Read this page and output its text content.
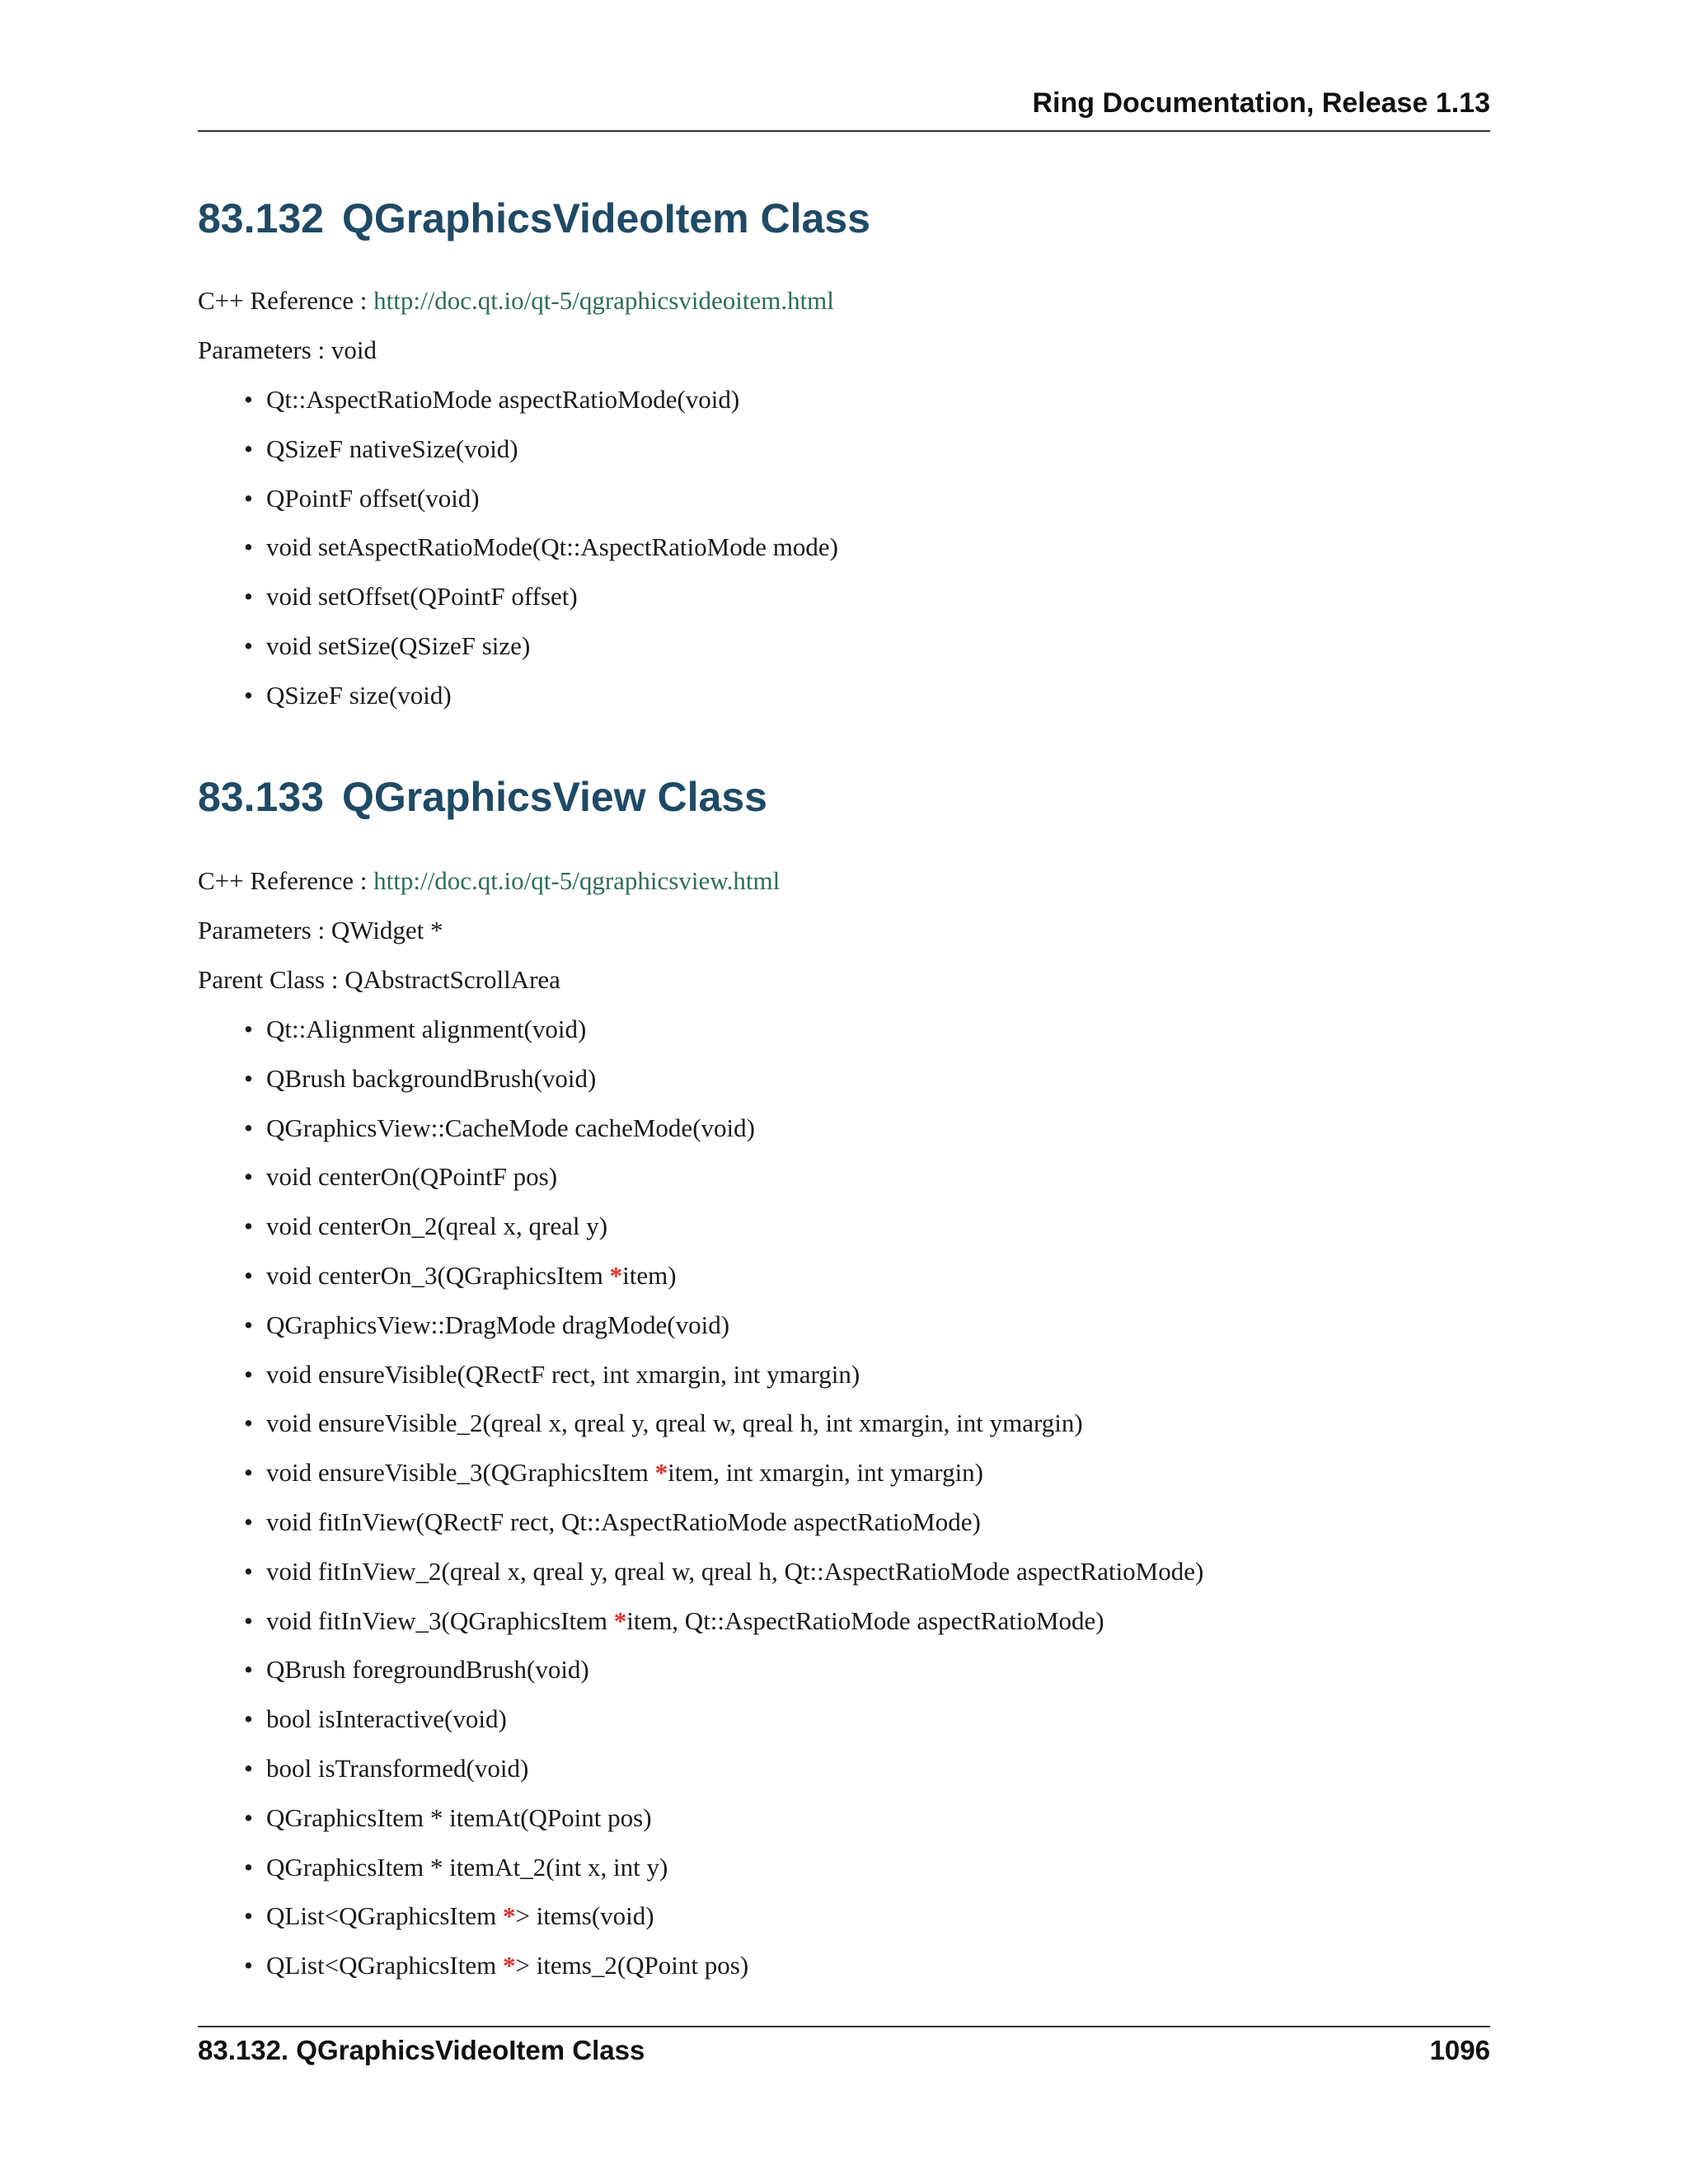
Ring Documentation, Release 1.13
83.132 QGraphicsVideoItem Class

C++ Reference : http://doc.qt.io/qt-5/qgraphicsvideoitem.html

Parameters : void

• Qt::AspectRatioMode aspectRatioMode(void)
• QSizeF nativeSize(void)
• QPointF offset(void)
• void setAspectRatioMode(Qt::AspectRatioMode mode)
• void setOffset(QPointF offset)
• void setSize(QSizeF size)
• QSizeF size(void)
83.133 QGraphicsView Class

C++ Reference : http://doc.qt.io/qt-5/qgraphicsview.html

Parameters : QWidget *

Parent Class : QAbstractScrollArea

• Qt::Alignment alignment(void)
• QBrush backgroundBrush(void)
• QGraphicsView::CacheMode cacheMode(void)
• void centerOn(QPointF pos)
• void centerOn_2(qreal x, qreal y)
• void centerOn_3(QGraphicsItem *item)
• QGraphicsView::DragMode dragMode(void)
• void ensureVisible(QRectF rect, int xmargin, int ymargin)
• void ensureVisible_2(qreal x, qreal y, qreal w, qreal h, int xmargin, int ymargin)
• void ensureVisible_3(QGraphicsItem *item, int xmargin, int ymargin)
• void fitInView(QRectF rect, Qt::AspectRatioMode aspectRatioMode)
• void fitInView_2(qreal x, qreal y, qreal w, qreal h, Qt::AspectRatioMode aspectRatioMode)
• void fitInView_3(QGraphicsItem *item, Qt::AspectRatioMode aspectRatioMode)
• QBrush foregroundBrush(void)
• bool isInteractive(void)
• bool isTransformed(void)
• QGraphicsItem * itemAt(QPoint pos)
• QGraphicsItem * itemAt_2(int x, int y)
• QList<QGraphicsItem *> items(void)
• QList<QGraphicsItem *> items_2(QPoint pos)
83.132. QGraphicsVideoItem Class	1096
